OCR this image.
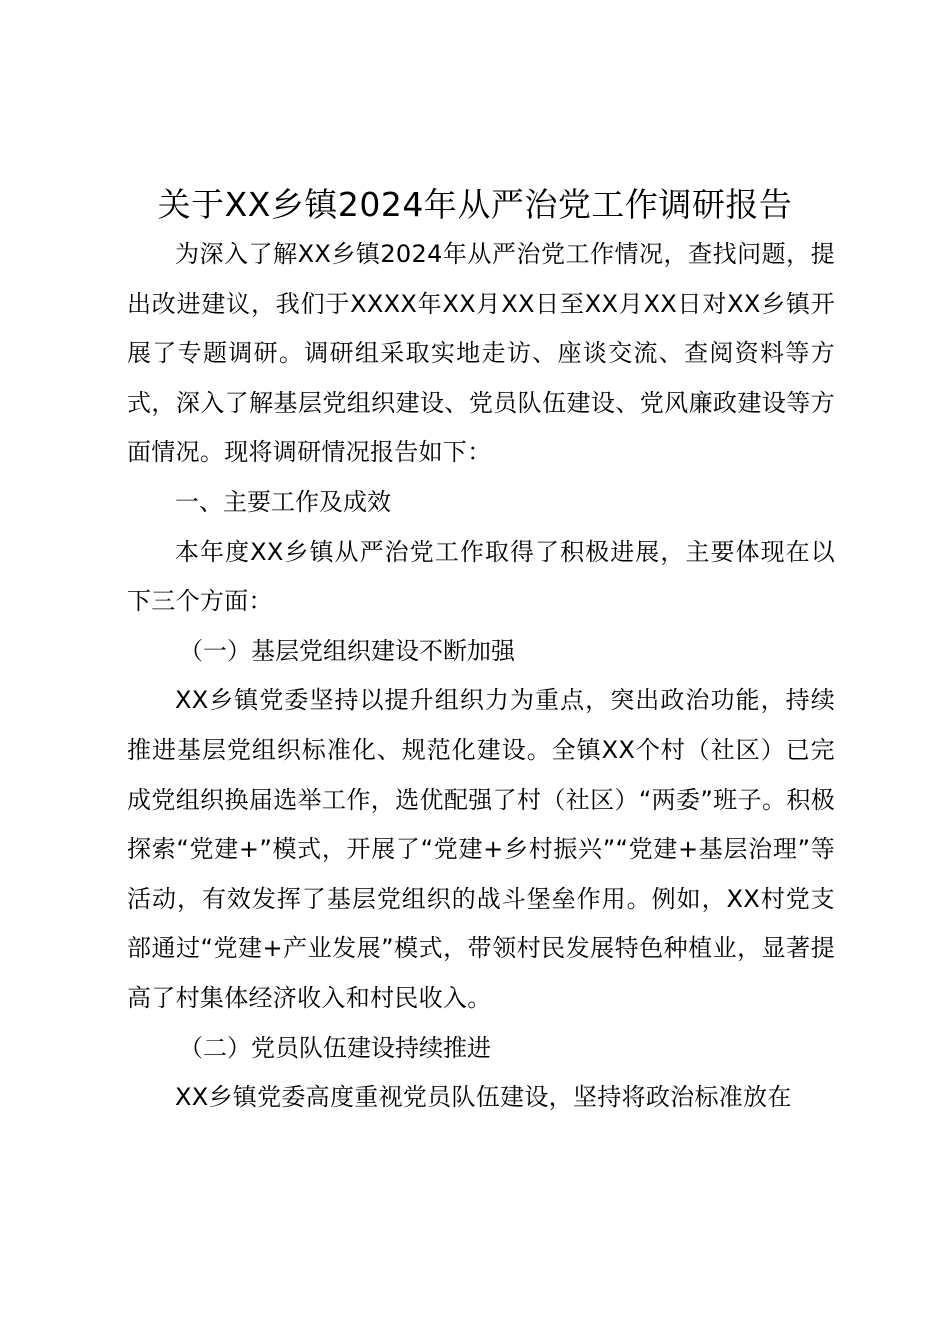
关于XX乡镇2024年从严治党工作调研报告

为深入了解XX乡镇2024年从严治党工作情况，查找问题，提出改进建议，我们于XXXX年XX月XX日至XX月XX日对XX乡镇开展了专题调研。调研组采取实地走访、座谈交流、查阅资料等方式，深入了解基层党组织建设、党员队伍建设、党风廉政建设等方面情况。现将调研情况报告如下：

一、主要工作及成效

本年度XX乡镇从严治党工作取得了积极进展，主要体现在以下三个方面：

（一）基层党组织建设不断加强

XX乡镇党委坚持以提升组织力为重点，突出政治功能，持续推进基层党组织标准化、规范化建设。全镇XX个村（社区）已完成党组织换届选举工作，选优配强了村（社区）“两委”班子。积极探索“党建+”模式，开展了“党建+乡村振兴”“党建+基层治理”等活动，有效发挥了基层党组织的战斗堡垒作用。例如，XX村党支部通过“党建+产业发展”模式，带领村民发展特色种植业，显著提高了村集体经济收入和村民收入。

（二）党员队伍建设持续推进

XX乡镇党委高度重视党员队伍建设，坚持将政治标准放在
